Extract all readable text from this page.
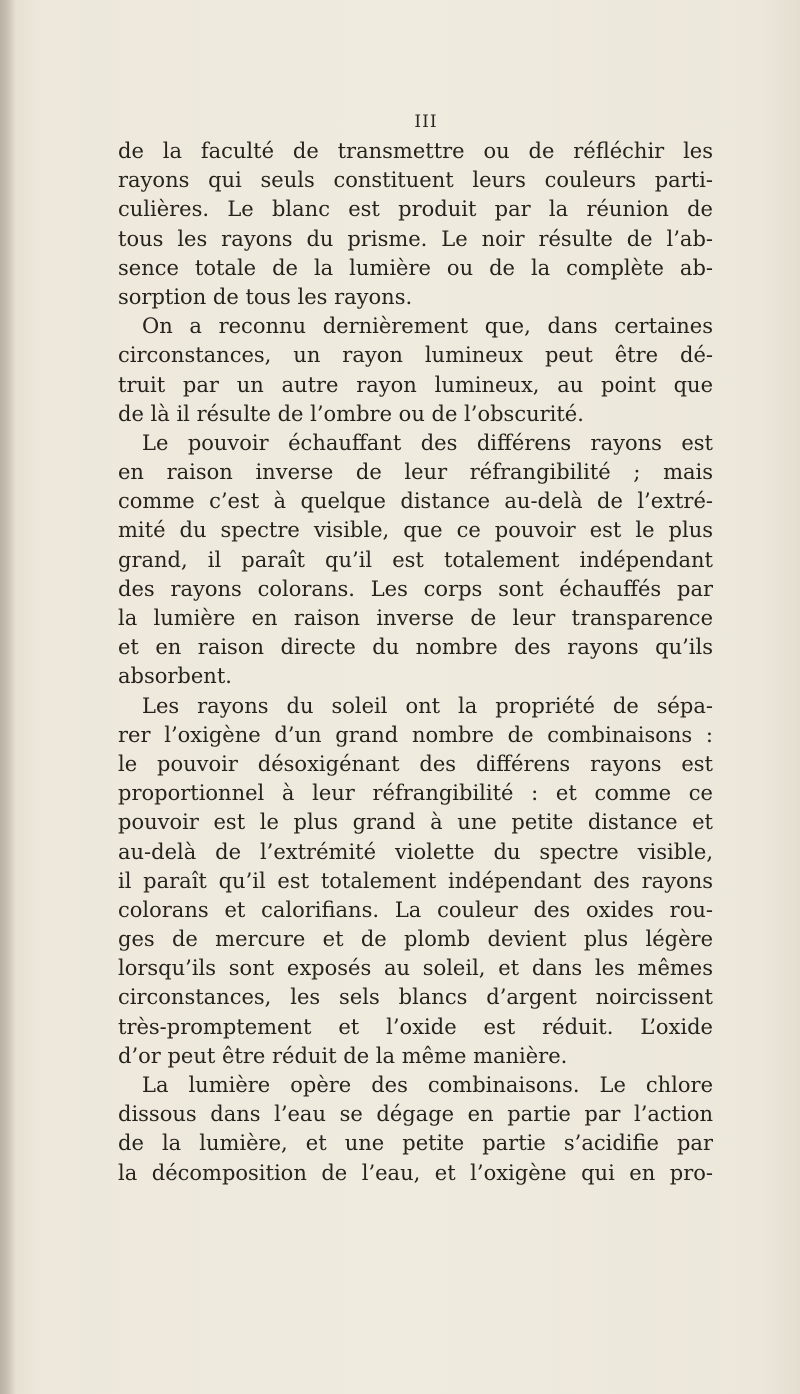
III
de la faculté de transmettre ou de réfléchir les
rayons qui seuls constituent leurs couleurs parti-
culières. Le blanc est produit par la réunion de
tous les rayons du prisme. Le noir résulte de l’ab-
sence totale de la lumière ou de la complète ab-
sorption de tous les rayons.
On a reconnu dernièrement que, dans certaines
circonstances, un rayon lumineux peut être dé-
truit par un autre rayon lumineux, au point que
de là il résulte de l’ombre ou de l’obscurité.
Le pouvoir échauffant des différens rayons est
en raison inverse de leur réfrangibilité ; mais
comme c’est à quelque distance au-delà de l’extré-
mité du spectre visible, que ce pouvoir est le plus
grand, il paraît qu’il est totalement indépendant
des rayons colorans. Les corps sont échauffés par
la lumière en raison inverse de leur transparence
et en raison directe du nombre des rayons qu’ils
absorbent.
Les rayons du soleil ont la propriété de sépa-
rer l’oxigène d’un grand nombre de combinaisons :
le pouvoir désoxigénant des différens rayons est
proportionnel à leur réfrangibilité : et comme ce
pouvoir est le plus grand à une petite distance et
au-delà de l’extrémité violette du spectre visible,
il paraît qu’il est totalement indépendant des rayons
colorans et calorifians. La couleur des oxides rou-
ges de mercure et de plomb devient plus légère
lorsqu’ils sont exposés au soleil, et dans les mêmes
circonstances, les sels blancs d’argent noircissent
très-promptement et l’oxide est réduit. L’oxide
d’or peut être réduit de la même manière.
La lumière opère des combinaisons. Le chlore
dissous dans l’eau se dégage en partie par l’action
de la lumière, et une petite partie s’acidifie par
la décomposition de l’eau, et l’oxigène qui en pro-
